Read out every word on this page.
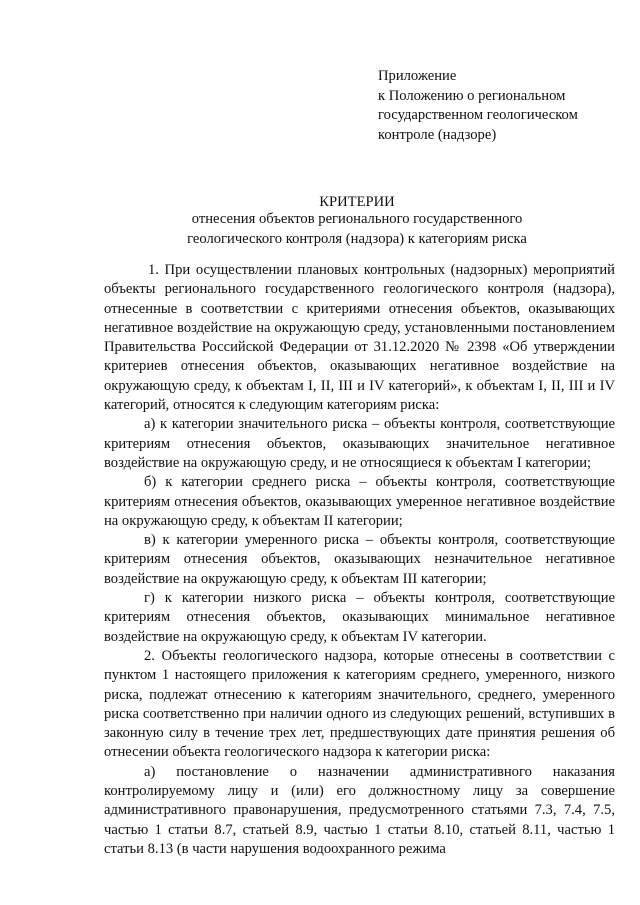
Приложение
к Положению о региональном
государственном геологическом
контроле (надзоре)
КРИТЕРИИ
отнесения объектов регионального государственного
геологического контроля (надзора) к категориям риска

1. При осуществлении плановых контрольных (надзорных) мероприятий объекты регионального государственного геологического контроля (надзора), отнесенные в соответствии с критериями отнесения объектов, оказывающих негативное воздействие на окружающую среду, установленными постановлением Правительства Российской Федерации от 31.12.2020 № 2398 «Об утверждении критериев отнесения объектов, оказывающих негативное воздействие на окружающую среду, к объектам I, II, III и IV категорий», к объектам I, II, III и IV категорий, относятся к следующим категориям риска:

а) к категории значительного риска – объекты контроля, соответствующие критериям отнесения объектов, оказывающих значительное негативное воздействие на окружающую среду, и не относящиеся к объектам I категории;

б) к категории среднего риска – объекты контроля, соответствующие критериям отнесения объектов, оказывающих умеренное негативное воздействие на окружающую среду, к объектам II категории;

в) к категории умеренного риска – объекты контроля, соответствующие критериям отнесения объектов, оказывающих незначительное негативное воздействие на окружающую среду, к объектам III категории;

г) к категории низкого риска – объекты контроля, соответствующие критериям отнесения объектов, оказывающих минимальное негативное воздействие на окружающую среду, к объектам IV категории.

2. Объекты геологического надзора, которые отнесены в соответствии с пунктом 1 настоящего приложения к категориям среднего, умеренного, низкого риска, подлежат отнесению к категориям значительного, среднего, умеренного риска соответственно при наличии одного из следующих решений, вступивших в законную силу в течение трех лет, предшествующих дате принятия решения об отнесении объекта геологического надзора к категории риска:

а) постановление о назначении административного наказания контролируемому лицу и (или) его должностному лицу за совершение административного правонарушения, предусмотренного статьями 7.3, 7.4, 7.5, частью 1 статьи 8.7, статьей 8.9, частью 1 статьи 8.10, статьей 8.11, частью 1 статьи 8.13 (в части нарушения водоохранного режима
